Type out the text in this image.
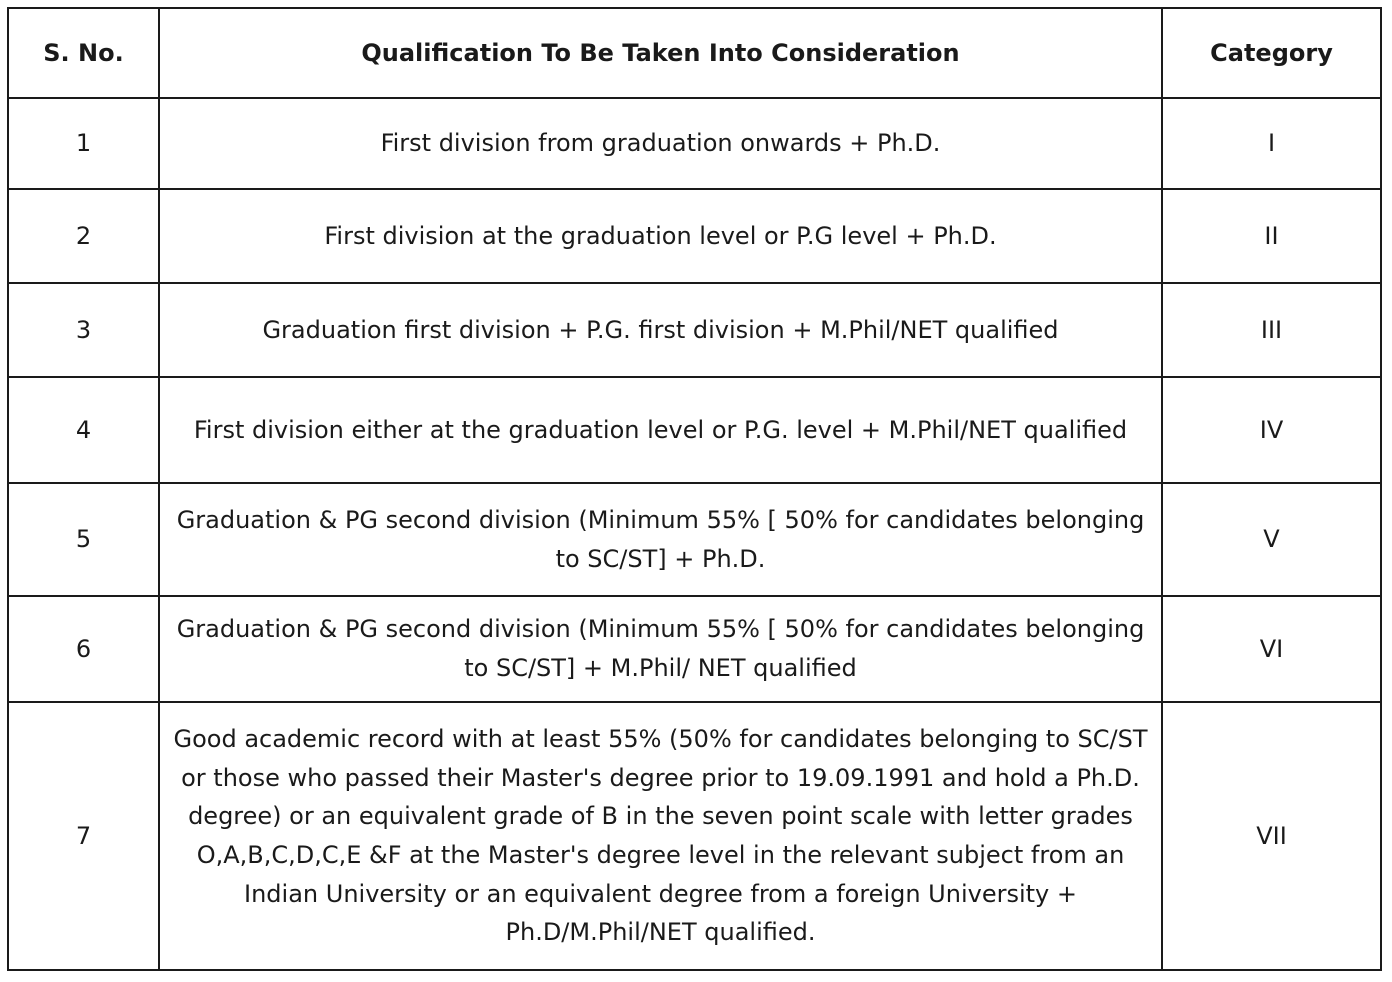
S. No.	Qualification To Be Taken Into Consideration	Category
1	First division from graduation onwards + Ph.D.	I
2	First division at the graduation level or P.G level + Ph.D.	II
3	Graduation first division + P.G. first division + M.Phil/NET qualified	III
4	First division either at the graduation level or P.G. level + M.Phil/NET qualified	IV
5	Graduation & PG second division (Minimum 55% [ 50% for candidates belonging to SC/ST] + Ph.D.	V
6	Graduation & PG second division (Minimum 55% [ 50% for candidates belonging to SC/ST] + M.Phil/ NET qualified	VI
7	Good academic record with at least 55% (50% for candidates belonging to SC/ST or those who passed their Master's degree prior to 19.09.1991 and hold a Ph.D. degree) or an equivalent grade of B in the seven point scale with letter grades O,A,B,C,D,C,E &F at the Master's degree level in the relevant subject from an Indian University or an equivalent degree from a foreign University + Ph.D/M.Phil/NET qualified.	VII
